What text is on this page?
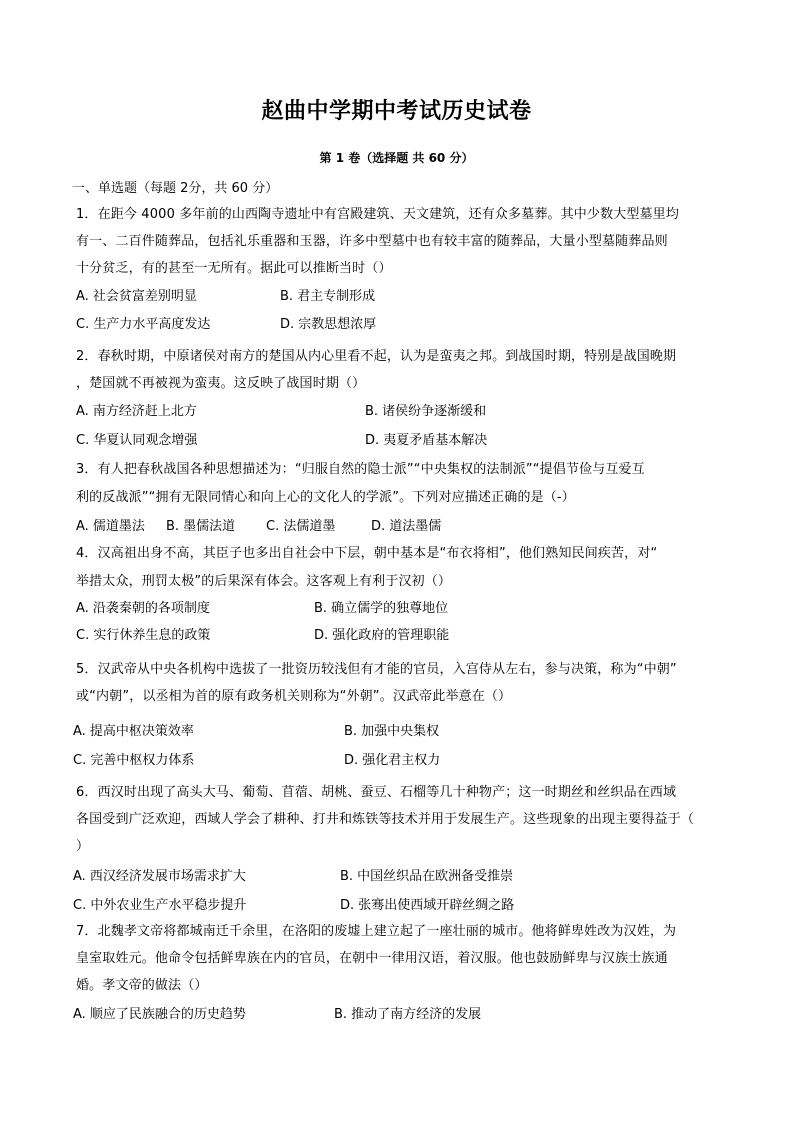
赵曲中学期中考试历史试卷
第 1 卷（选择题 共 60 分）
一、单选题（每题 2分，共 60 分）
1．在距今 4000 多年前的山西陶寺遗址中有宫殿建筑、天文建筑，还有众多墓葬。其中少数大型墓里均
有一、二百件随葬品，包括礼乐重器和玉器，许多中型墓中也有较丰富的随葬品，大量小型墓随葬品则
十分贫乏，有的甚至一无所有。据此可以推断当时（）
A. 社会贫富差别明显	B. 君主专制形成
C. 生产力水平高度发达	D. 宗教思想浓厚
2．春秋时期，中原诸侯对南方的楚国从内心里看不起，认为是蛮夷之邦。到战国时期，特别是战国晚期
，楚国就不再被视为蛮夷。这反映了战国时期（）
A. 南方经济赶上北方	B. 诸侯纷争逐渐缓和
C. 华夏认同观念增强	D. 夷夏矛盾基本解决
3．有人把春秋战国各种思想描述为：“归服自然的隐士派”“中央集权的法制派”“提倡节俭与互爱互
利的反战派”“拥有无限同情心和向上心的文化人的学派”。下列对应描述正确的是（-）
A. 儒道墨法 B. 墨儒法道 C. 法儒道墨	D. 道法墨儒
4．汉高祖出身不高，其臣子也多出自社会中下层，朝中基本是“布衣将相”，他们熟知民间疾苦，对“
举措太众，刑罚太极”的后果深有体会。这客观上有利于汉初（）
A. 沿袭秦朝的各项制度	B. 确立儒学的独尊地位
C. 实行休养生息的政策	D. 强化政府的管理职能
5．汉武帝从中央各机构中选拔了一批资历较浅但有才能的官员，入宫侍从左右，参与决策，称为“中朝”
或“内朝”，以丞相为首的原有政务机关则称为“外朝”。汉武帝此举意在（）
A. 提高中枢决策效率	B. 加强中央集权
C. 完善中枢权力体系	D. 强化君主权力
6．西汉时出现了高头大马、葡萄、苜蓿、胡桃、蚕豆、石榴等几十种物产；这一时期丝和丝织品在西域
各国受到广泛欢迎，西域人学会了耕种、打井和炼铁等技术并用于发展生产。这些现象的出现主要得益于（
）
A. 西汉经济发展市场需求扩大	B. 中国丝织品在欧洲备受推崇
C. 中外农业生产水平稳步提升	D. 张骞出使西域开辟丝绸之路
7．北魏孝文帝将都城南迁千余里，在洛阳的废墟上建立起了一座壮丽的城市。他将鲜卑姓改为汉姓，为
皇室取姓元。他命令包括鲜卑族在内的官员，在朝中一律用汉语，着汉服。他也鼓励鲜卑与汉族士族通
婚。孝文帝的做法（）
A. 顺应了民族融合的历史趋势	B. 推动了南方经济的发展
